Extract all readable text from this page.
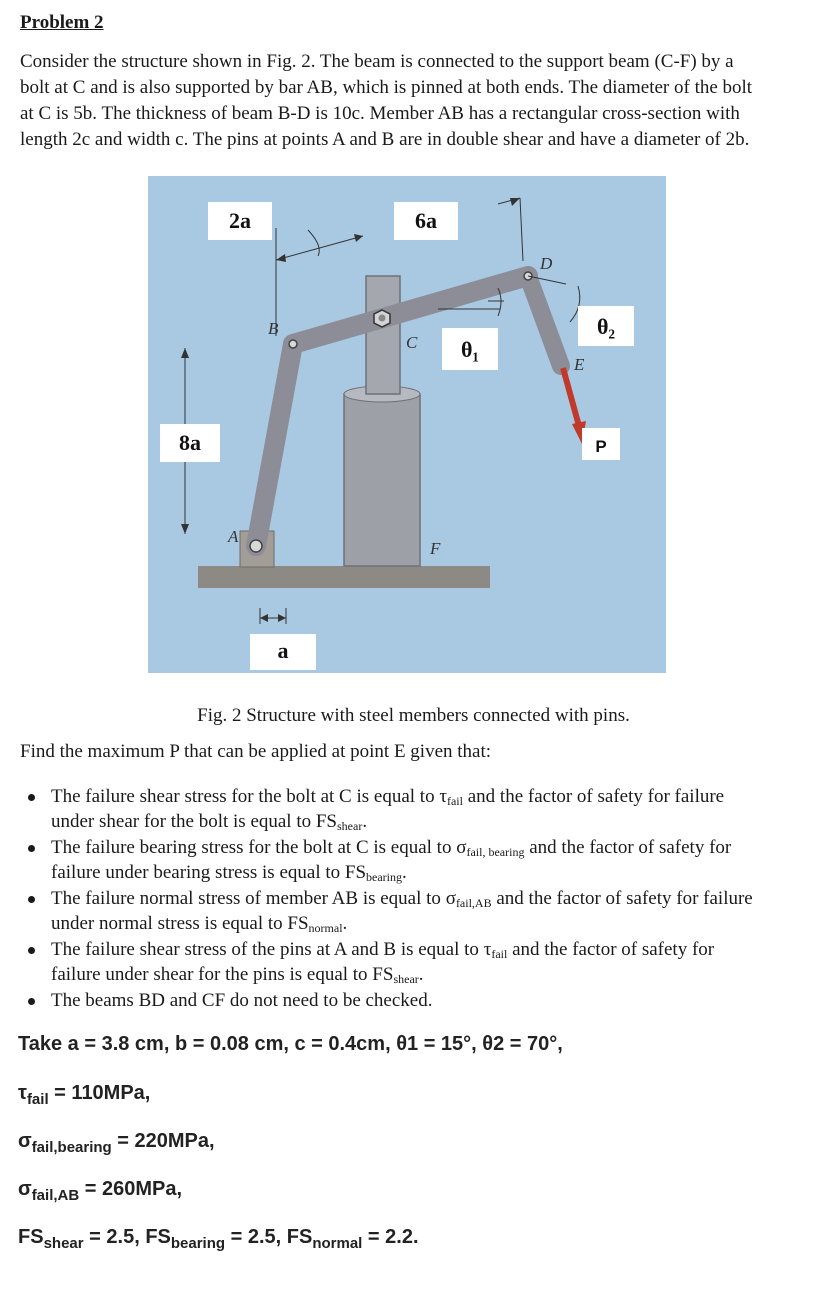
Problem 2
Consider the structure shown in Fig. 2. The beam is connected to the support beam (C-F) by a
bolt at C and is also supported by bar AB, which is pinned at both ends. The diameter of the bolt
at C is 5b. The thickness of beam B-D is 10c. Member AB has a rectangular cross-section with
length 2c and width c. The pins at points A and B are in double shear and have a diameter of 2b.
2a	6a
8a
a
θ₁
θ₂
P
B
A
C
D
E
F
Fig. 2 Structure with steel members connected with pins.
Find the maximum P that can be applied at point E given that:
The failure shear stress for the bolt at C is equal to $\tau_{fail}$ and the factor of safety for failure
under shear for the bolt is equal to $FS_{shear}$.
The failure bearing stress for the bolt at C is equal to $\sigma_{fail, bearing}$ and the factor of safety for
failure under bearing stress is equal to $FS_{bearing}$.
The failure normal stress of member AB is equal to $\sigma_{fail,AB}$ and the factor of safety for failure
under normal stress is equal to $FS_{normal}$.
The failure shear stress of the pins at A and B is equal to $\tau_{fail}$ and the factor of safety for
failure under shear for the pins is equal to $FS_{shear}$.
The beams BD and CF do not need to be checked.
Take a = 3.8 cm, b = 0.08 cm, c = 0.4cm, θ1 = 15°, θ2 = 70°,
$\tau_{fail} = 110MPa$,
$\sigma_{fail,bearing} = 220MPa$,
$\sigma_{fail,AB} = 260MPa$,
$FS_{shear} = 2.5$, $FS_{bearing} = 2.5$, $FS_{normal} = 2.2$.
